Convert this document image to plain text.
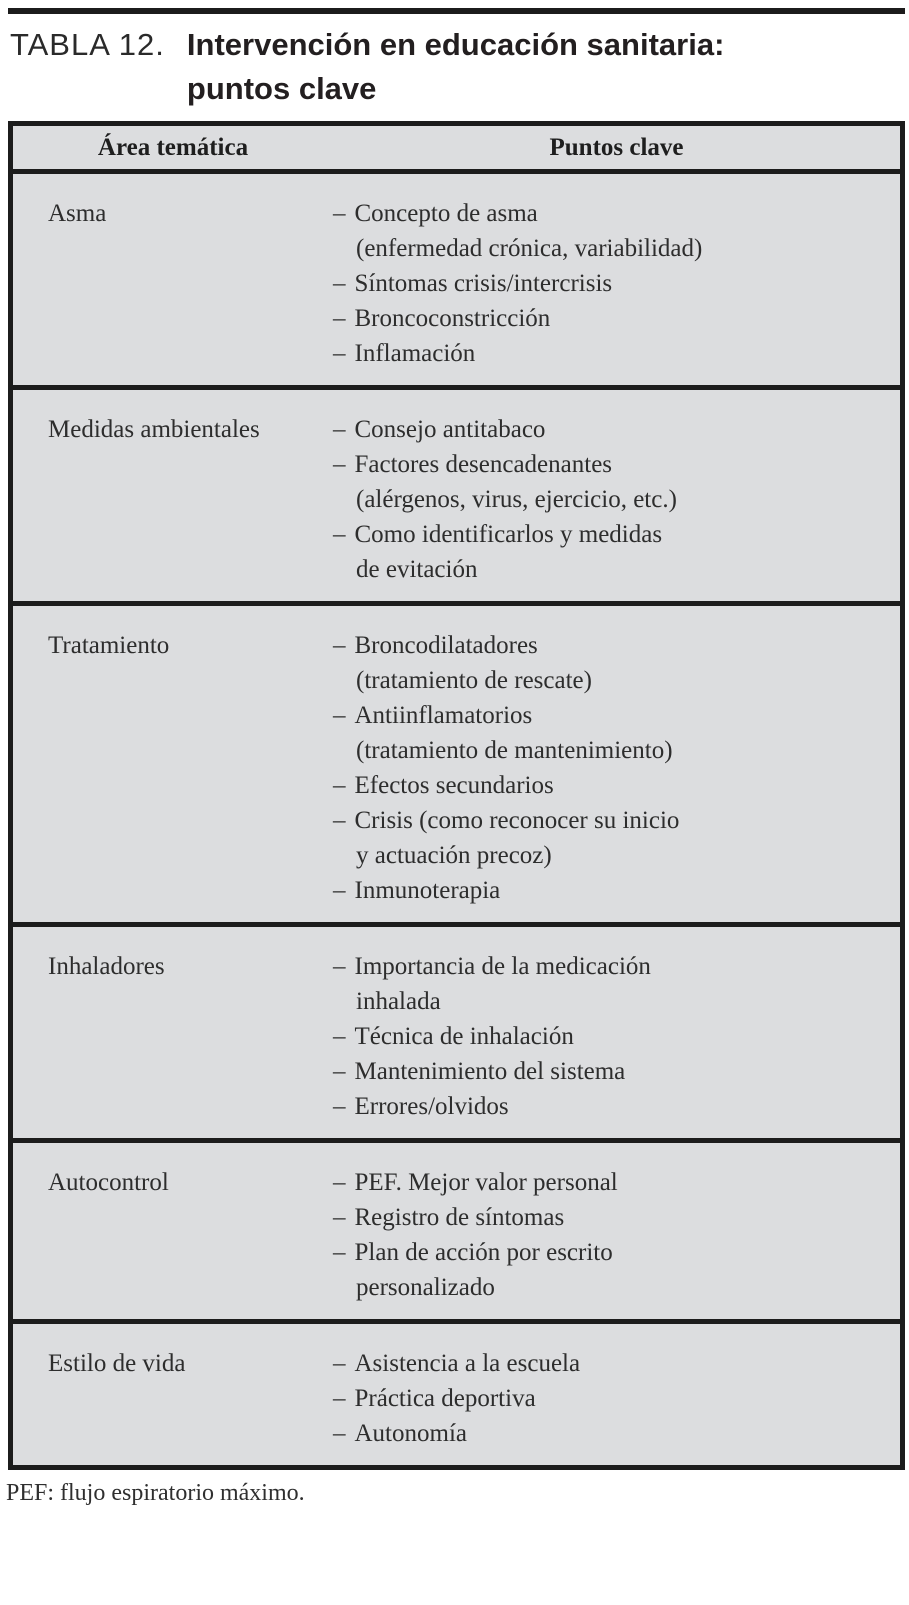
TABLA 12. Intervención en educación sanitaria:
puntos clave
Área temática	Puntos clave
Asma	– Concepto de asma
(enfermedad crónica, variabilidad)
– Síntomas crisis/intercrisis
– Broncoconstricción
– Inflamación
Medidas ambientales	– Consejo antitabaco
– Factores desencadenantes
(alérgenos, virus, ejercicio, etc.)
– Como identificarlos y medidas
de evitación
Tratamiento	– Broncodilatadores
(tratamiento de rescate)
– Antiinflamatorios
(tratamiento de mantenimiento)
– Efectos secundarios
– Crisis (como reconocer su inicio
y actuación precoz)
– Inmunoterapia
Inhaladores	– Importancia de la medicación
inhalada
– Técnica de inhalación
– Mantenimiento del sistema
– Errores/olvidos
Autocontrol	– PEF. Mejor valor personal
– Registro de síntomas
– Plan de acción por escrito
personalizado
Estilo de vida	– Asistencia a la escuela
– Práctica deportiva
– Autonomía
PEF: flujo espiratorio máximo.
